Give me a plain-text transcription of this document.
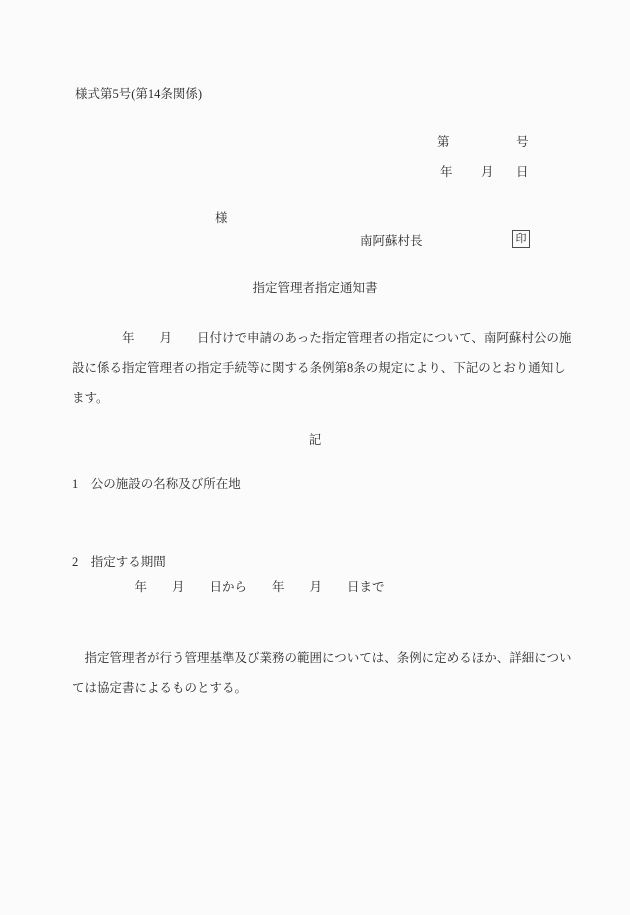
様式第5号(第14条関係)
第	号
年 月 日
様
南阿蘇村長	印
指定管理者指定通知書
　　　　年　　月　　日付けで申請のあった指定管理者の指定について、南阿蘇村公の施
設に係る指定管理者の指定手続等に関する条例第8条の規定により、下記のとおり通知し
ます。
記
1　公の施設の名称及び所在地
2　指定する期間
　　　　　年　　月　　日から　　年　　月　　日まで
　指定管理者が行う管理基準及び業務の範囲については、条例に定めるほか、詳細につい
ては協定書によるものとする。
